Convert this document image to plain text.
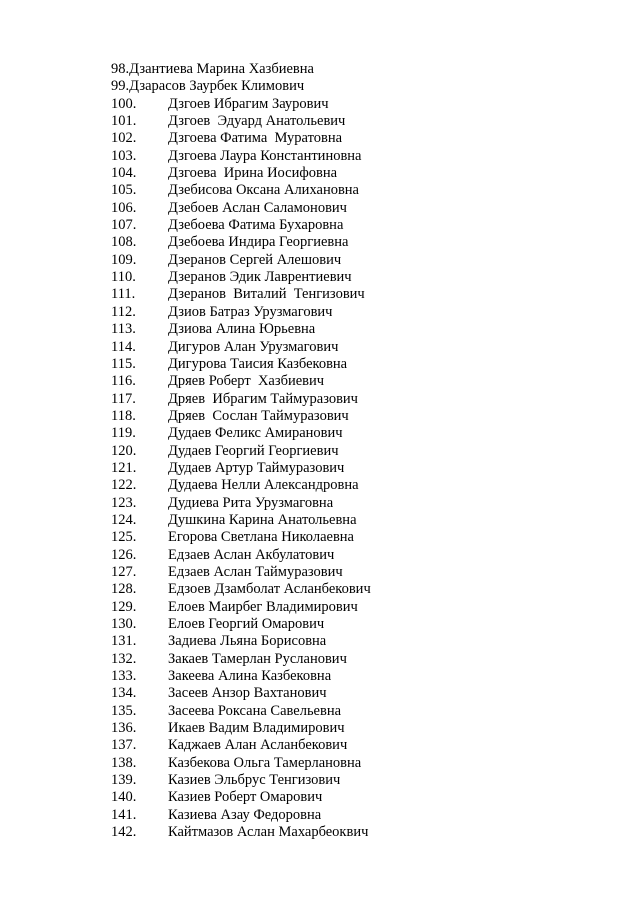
98.Дзантиева Марина Хазбиевна
99.Дзарасов Заурбек Климович
100. Дзгоев Ибрагим Заурович
101. Дзгоев  Эдуард Анатольевич
102. Дзгоева Фатима  Муратовна
103. Дзгоева Лаура Константиновна
104. Дзгоева  Ирина Иосифовна
105. Дзебисова Оксана Алихановна
106. Дзебоев Аслан Саламонович
107. Дзебоева Фатима Бухаровна
108. Дзебоева Индира Георгиевна
109. Дзеранов Сергей Алешович
110. Дзеранов Эдик Лаврентиевич
111. Дзеранов  Виталий  Тенгизович
112. Дзиов Батраз Урузмагович
113. Дзиова Алина Юрьевна
114. Дигуров Алан Урузмагович
115. Дигурова Таисия Казбековна
116. Дряев Роберт  Хазбиевич
117. Дряев  Ибрагим Таймуразович
118. Дряев  Сослан Таймуразович
119. Дудаев Феликс Амиранович
120. Дудаев Георгий Георгиевич
121. Дудаев Артур Таймуразович
122. Дудаева Нелли Александровна
123. Дудиева Рита Урузмаговна
124. Душкина Карина Анатольевна
125. Егорова Светлана Николаевна
126. Едзаев Аслан Акбулатович
127. Едзаев Аслан Таймуразович
128. Едзоев Дзамболат Асланбекович
129. Елоев Маирбег Владимирович
130. Елоев Георгий Омарович
131. Задиева Льяна Борисовна
132. Закаев Тамерлан Русланович
133. Закеева Алина Казбековна
134. Засеев Анзор Вахтанович
135. Засеева Роксана Савельевна
136. Икаев Вадим Владимирович
137. Каджаев Алан Асланбекович
138. Казбекова Ольга Тамерлановна
139. Казиев Эльбрус Тенгизович
140. Казиев Роберт Омарович
141. Казиева Азау Федоровна
142. Кайтмазов Аслан Махарбеоквич
